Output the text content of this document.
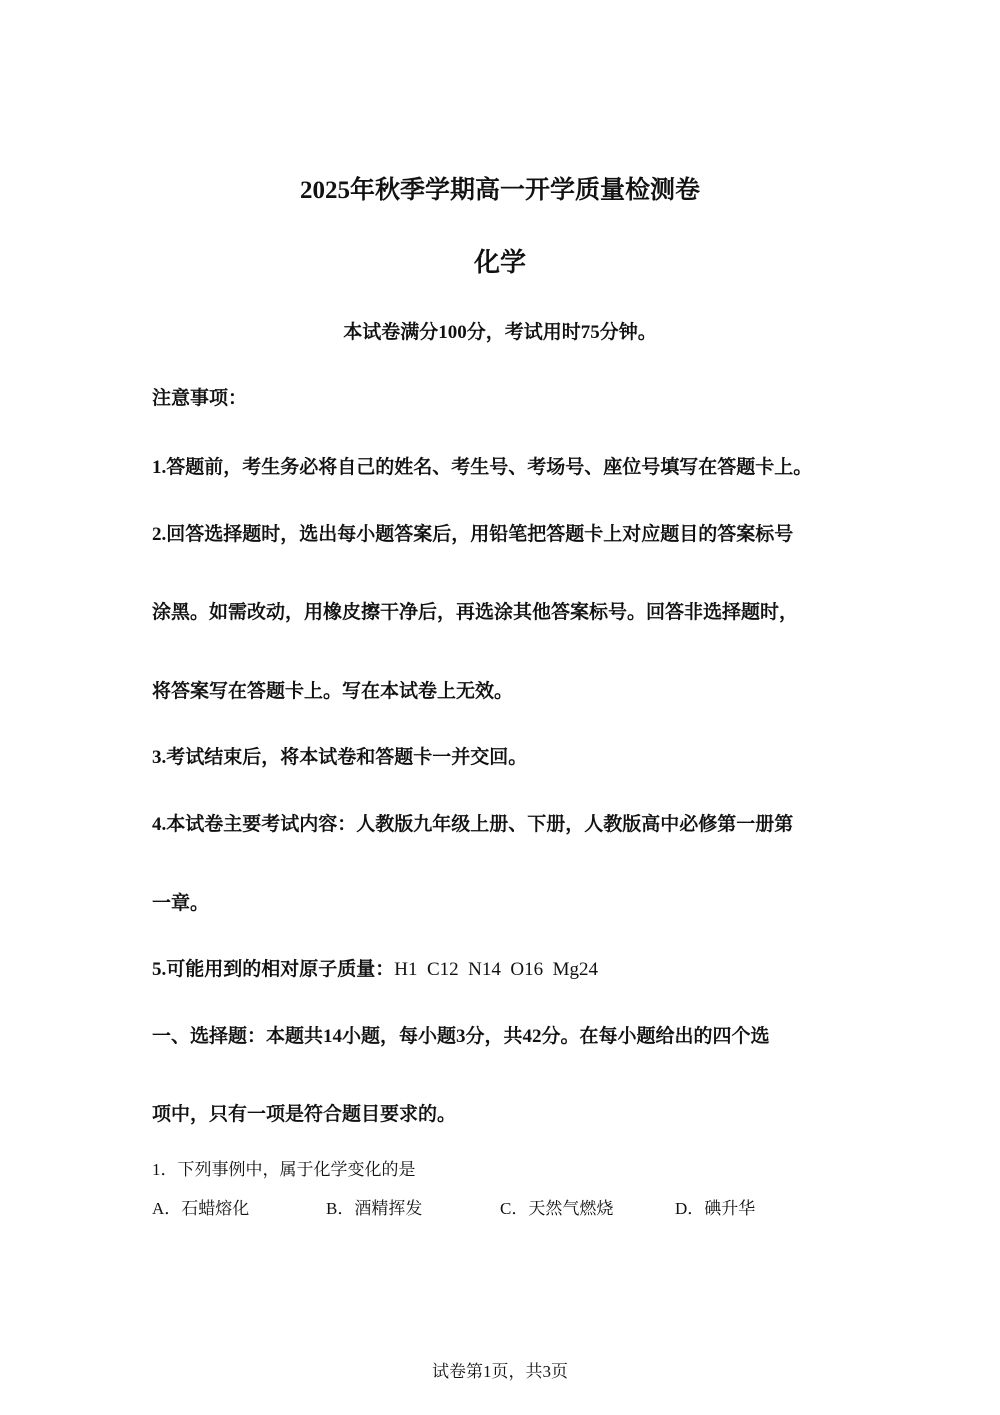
2025年秋季学期高一开学质量检测卷
化学
本试卷满分100分，考试用时75分钟。
注意事项：
1.答题前，考生务必将自己的姓名、考生号、考场号、座位号填写在答题卡上。
2.回答选择题时，选出每小题答案后，用铅笔把答题卡上对应题目的答案标号
涂黑。如需改动，用橡皮擦干净后，再选涂其他答案标号。回答非选择题时，
将答案写在答题卡上。写在本试卷上无效。
3.考试结束后，将本试卷和答题卡一并交回。
4.本试卷主要考试内容：人教版九年级上册、下册，人教版高中必修第一册第
一章。
5.可能用到的相对原子质量：H1  C12  N14  O16  Mg24
一、选择题：本题共14小题，每小题3分，共42分。在每小题给出的四个选
项中，只有一项是符合题目要求的。
1．下列事例中，属于化学变化的是
A．石蜡熔化	B．酒精挥发	C．天然气燃烧	D．碘升华
试卷第1页，共3页
